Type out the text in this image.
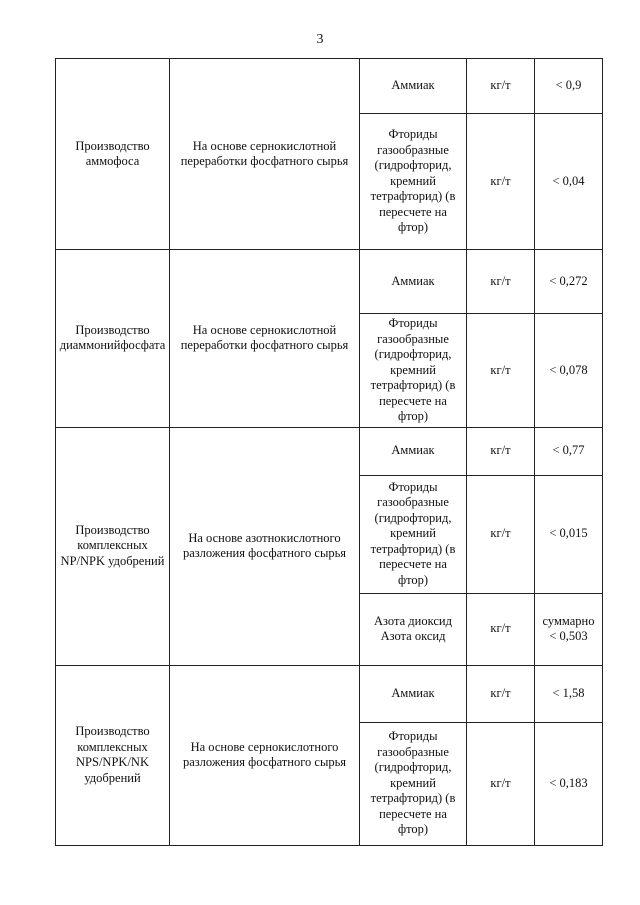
3
Производство аммофоса	На основе сернокислотной переработки фосфатного сырья	Аммиак	кг/т	< 0,9
		Фториды газообразные (гидрофторид, кремний тетрафторид) (в пересчете на фтор)	кг/т	< 0,04
Производство диаммонийфосфата	На основе сернокислотной переработки фосфатного сырья	Аммиак	кг/т	< 0,272
		Фториды газообразные (гидрофторид, кремний тетрафторид) (в пересчете на фтор)	кг/т	< 0,078
Производство комплексных NP/NPK удобрений	На основе азотнокислотного разложения фосфатного сырья	Аммиак	кг/т	< 0,77
		Фториды газообразные (гидрофторид, кремний тетрафторид) (в пересчете на фтор)	кг/т	< 0,015
		Азота диоксид Азота оксид	кг/т	суммарно < 0,503
Производство комплексных NPS/NPK/NK удобрений	На основе сернокислотного разложения фосфатного сырья	Аммиак	кг/т	< 1,58
		Фториды газообразные (гидрофторид, кремний тетрафторид) (в пересчете на фтор)	кг/т	< 0,183
